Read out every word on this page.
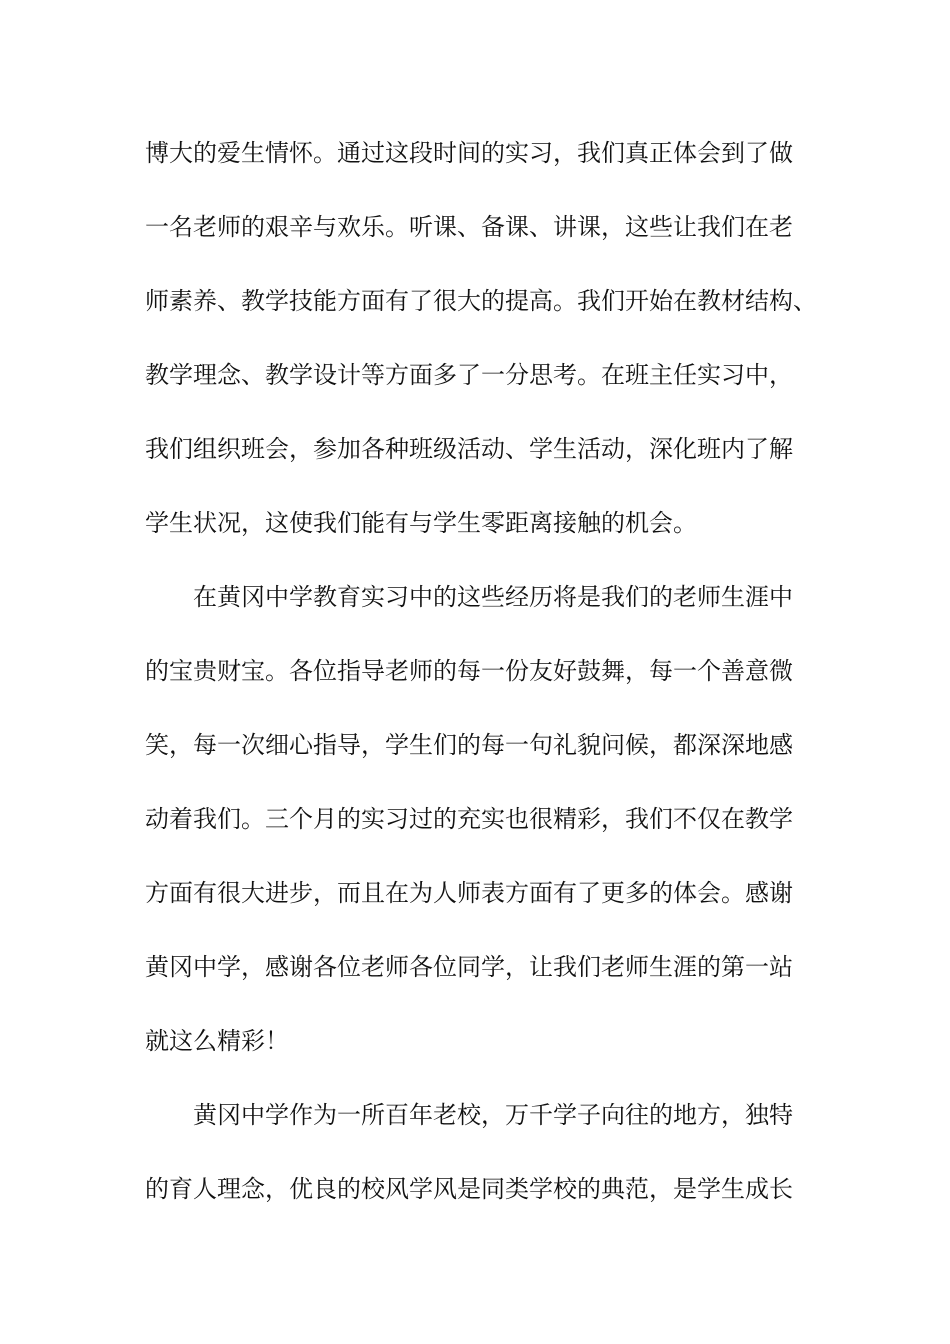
博大的爱生情怀。通过这段时间的实习，我们真正体会到了做
一名老师的艰辛与欢乐。听课、备课、讲课，这些让我们在老
师素养、教学技能方面有了很大的提高。我们开始在教材结构、
教学理念、教学设计等方面多了一分思考。在班主任实习中，
我们组织班会，参加各种班级活动、学生活动，深化班内了解
学生状况，这使我们能有与学生零距离接触的机会。
在黄冈中学教育实习中的这些经历将是我们的老师生涯中
的宝贵财宝。各位指导老师的每一份友好鼓舞，每一个善意微
笑，每一次细心指导，学生们的每一句礼貌问候，都深深地感
动着我们。三个月的实习过的充实也很精彩，我们不仅在教学
方面有很大进步，而且在为人师表方面有了更多的体会。感谢
黄冈中学，感谢各位老师各位同学，让我们老师生涯的第一站
就这么精彩！
黄冈中学作为一所百年老校，万千学子向往的地方，独特
的育人理念，优良的校风学风是同类学校的典范，是学生成长
